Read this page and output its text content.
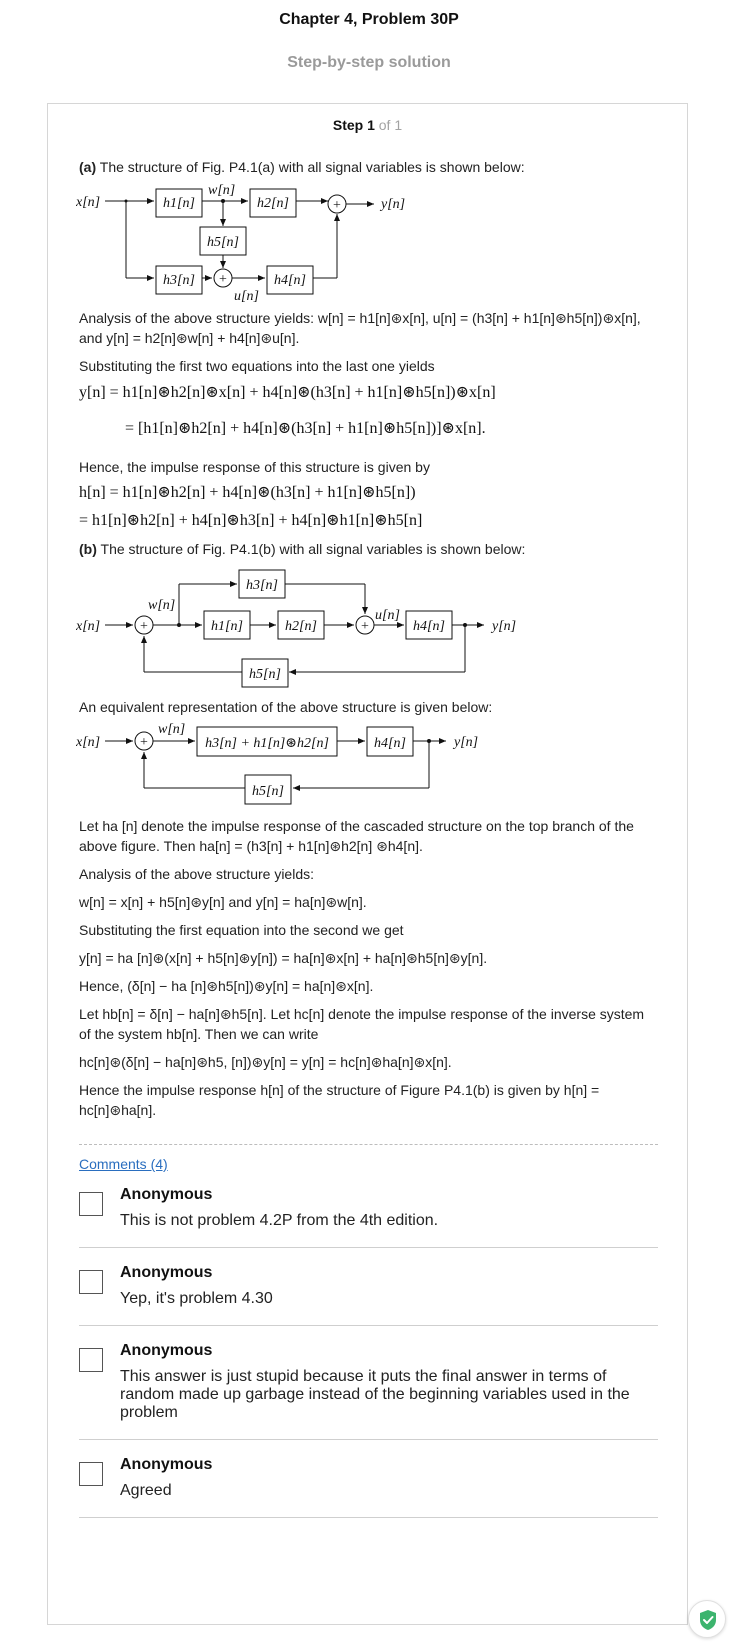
Chapter 4, Problem 30P
Step-by-step solution
Step 1 of 1
(a) The structure of Fig. P4.1(a) with all signal variables is shown below:
+
+
x[n]
w[n]
y[n]
u[n]
h1[n]	h2[n]
h5[n]
h3[n]	h4[n]
Analysis of the above structure yields: w[n] = h1[n]⊛x[n], u[n] = (h3[n] + h1[n]⊛h5[n])⊛x[n],
and y[n] = h2[n]⊛w[n] + h4[n]⊛u[n].
Substituting the first two equations into the last one yields
y[n] = h1[n]⊛h2[n]⊛x[n] + h4[n]⊛(h3[n] + h1[n]⊛h5[n])⊛x[n]
= [h1[n]⊛h2[n] + h4[n]⊛(h3[n] + h1[n]⊛h5[n])]⊛x[n].
Hence, the impulse response of this structure is given by
h[n] = h1[n]⊛h2[n] + h4[n]⊛(h3[n] + h1[n]⊛h5[n])
= h1[n]⊛h2[n] + h4[n]⊛h3[n] + h4[n]⊛h1[n]⊛h5[n]
(b) The structure of Fig. P4.1(b) with all signal variables is shown below:
+	+
x[n]
w[n]
u[n]
y[n]
h3[n]
h1[n]	h2[n]	h4[n]
h5[n]
An equivalent representation of the above structure is given below:
+
x[n]
w[n]
y[n]
h3[n] + h1[n]⊛h2[n]	h4[n]
h5[n]
Let ha [n] denote the impulse response of the cascaded structure on the top branch of the
above figure. Then ha[n] = (h3[n] + h1[n]⊛h2[n] ⊛h4[n].
Analysis of the above structure yields:
w[n] = x[n] + h5[n]⊛y[n] and y[n] = ha[n]⊛w[n].
Substituting the first equation into the second we get
y[n] = ha [n]⊛(x[n] + h5[n]⊛y[n]) = ha[n]⊛x[n] + ha[n]⊛h5[n]⊛y[n].
Hence, (δ[n] − ha [n]⊛h5[n])⊛y[n] = ha[n]⊛x[n].
Let hb[n] = δ[n] − ha[n]⊛h5[n]. Let hc[n] denote the impulse response of the inverse system
of the system hb[n]. Then we can write
hc[n]⊛(δ[n] − ha[n]⊛h5, [n])⊛y[n] = y[n] = hc[n]⊛ha[n]⊛x[n].
Hence the impulse response h[n] of the structure of Figure P4.1(b) is given by h[n] =
hc[n]⊛ha[n].
Comments (4)
Anonymous
This is not problem 4.2P from the 4th edition.
Anonymous
Yep, it's problem 4.30
Anonymous
This answer is just stupid because it puts the final answer in terms of random made up garbage instead of the beginning variables used in the problem
Anonymous
Agreed
